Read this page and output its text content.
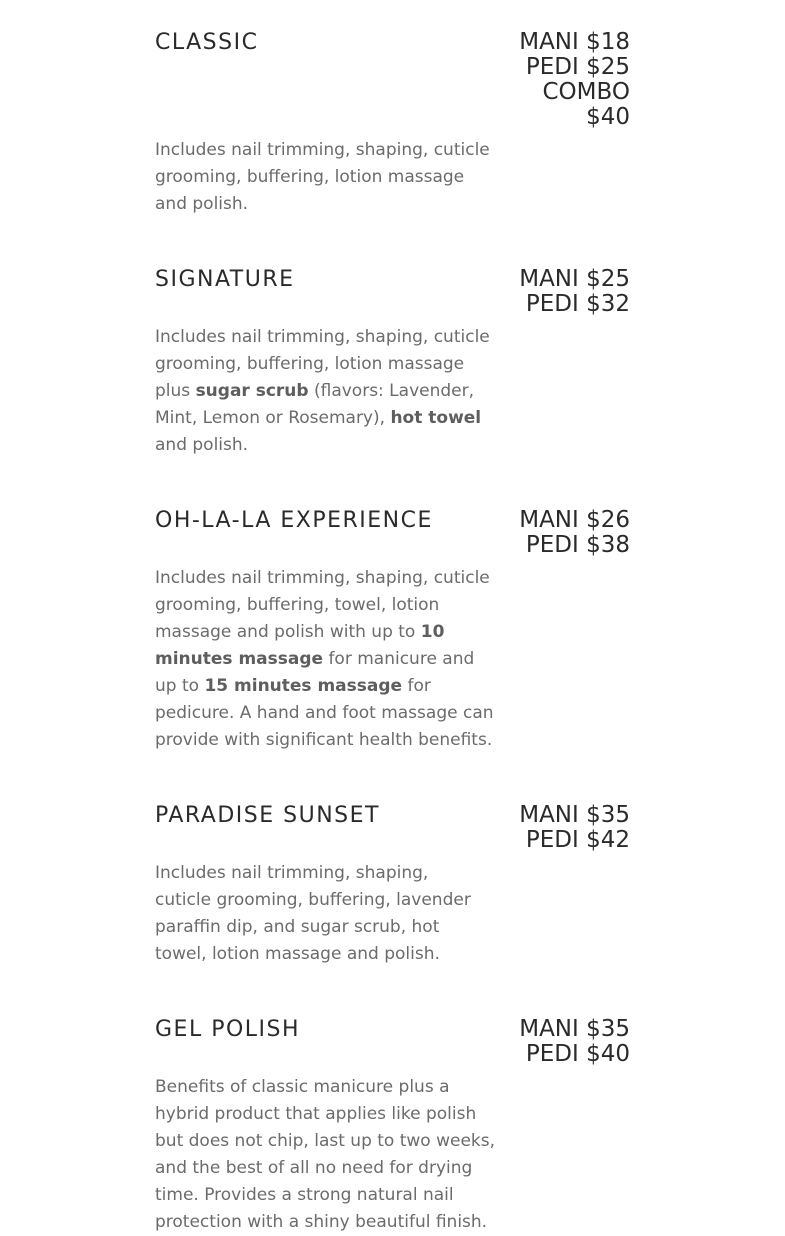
CLASSIC	MANI $18
PEDI $25
COMBO
$40

Includes nail trimming, shaping, cuticle grooming, buffering, lotion massage and polish.

SIGNATURE	MANI $25
PEDI $32

Includes nail trimming, shaping, cuticle grooming, buffering, lotion massage plus sugar scrub (flavors: Lavender, Mint, Lemon or Rosemary), hot towel and polish.

OH-LA-LA EXPERIENCE	MANI $26
PEDI $38

Includes nail trimming, shaping, cuticle grooming, buffering, towel, lotion massage and polish with up to 10 minutes massage for manicure and up to 15 minutes massage for pedicure. A hand and foot massage can provide with significant health benefits.

PARADISE SUNSET	MANI $35
PEDI $42

Includes nail trimming, shaping, cuticle grooming, buffering, lavender paraffin dip, and sugar scrub, hot towel, lotion massage and polish.

GEL POLISH	MANI $35
PEDI $40

Benefits of classic manicure plus a hybrid product that applies like polish but does not chip, last up to two weeks, and the best of all no need for drying time. Provides a strong natural nail protection with a shiny beautiful finish.
